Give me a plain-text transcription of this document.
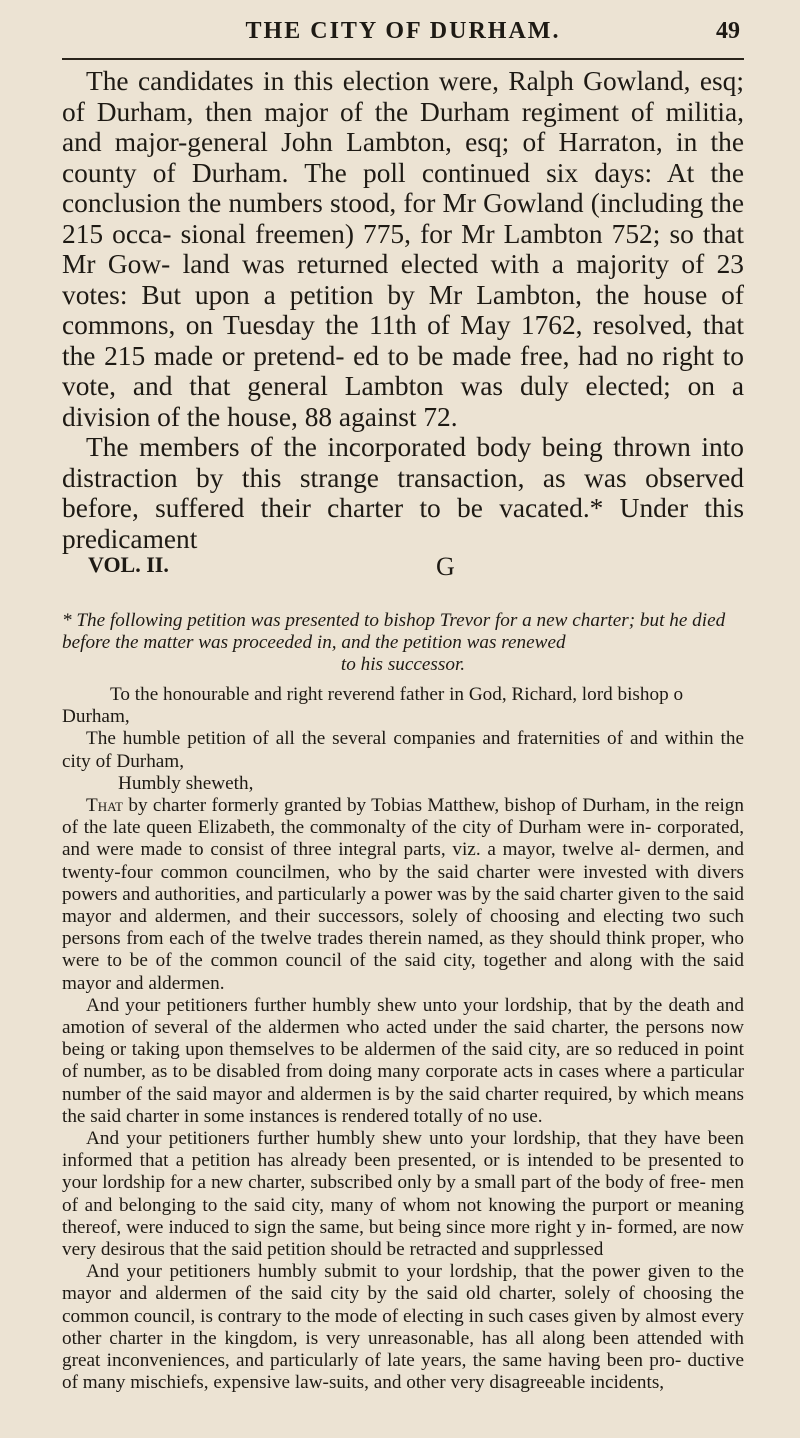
THE CITY OF DURHAM.	49

The candidates in this election were, Ralph Gowland, esq; of Durham, then major of the Durham regiment of militia, and major-general John Lambton, esq; of Harraton, in the county of Durham. The poll continued six days: At the conclusion the numbers stood, for Mr Gowland (including the 215 occa- sional freemen) 775, for Mr Lambton 752; so that Mr Gow- land was returned elected with a majority of 23 votes: But upon a petition by Mr Lambton, the house of commons, on Tuesday the 11th of May 1762, resolved, that the 215 made or pretend- ed to be made free, had no right to vote, and that general Lambton was duly elected; on a division of the house, 88 against 72.

The members of the incorporated body being thrown into distraction by this strange transaction, as was observed before, suffered their charter to be vacated.* Under this predicament

VOL. II.	G
* The following petition was presented to bishop Trevor for a new charter; but he died before the matter was proceeded in, and the petition was renewed
to his successor.

To the honourable and right reverend father in God, Richard, lord bishop o

Durham,

The humble petition of all the several companies and fraternities of and within the city of Durham,

Humbly sheweth,

That by charter formerly granted by Tobias Matthew, bishop of Durham, in the reign of the late queen Elizabeth, the commonalty of the city of Durham were in- corporated, and were made to consist of three integral parts, viz. a mayor, twelve al- dermen, and twenty-four common councilmen, who by the said charter were invested with divers powers and authorities, and particularly a power was by the said charter given to the said mayor and aldermen, and their successors, solely of choosing and electing two such persons from each of the twelve trades therein named, as they should think proper, who were to be of the common council of the said city, together and along with the said mayor and aldermen.

And your petitioners further humbly shew unto your lordship, that by the death and amotion of several of the aldermen who acted under the said charter, the persons now being or taking upon themselves to be aldermen of the said city, are so reduced in point of number, as to be disabled from doing many corporate acts in cases where a particular number of the said mayor and aldermen is by the said charter required, by which means the said charter in some instances is rendered totally of no use.

And your petitioners further humbly shew unto your lordship, that they have been informed that a petition has already been presented, or is intended to be presented to your lordship for a new charter, subscribed only by a small part of the body of free- men of and belonging to the said city, many of whom not knowing the purport or meaning thereof, were induced to sign the same, but being since more right y in- formed, are now very desirous that the said petition should be retracted and supprlessed

And your petitioners humbly submit to your lordship, that the power given to the mayor and aldermen of the said city by the said old charter, solely of choosing the common council, is contrary to the mode of electing in such cases given by almost every other charter in the kingdom, is very unreasonable, has all along been attended with great inconveniences, and particularly of late years, the same having been pro- ductive of many mischiefs, expensive law-suits, and other very disagreeable incidents,
